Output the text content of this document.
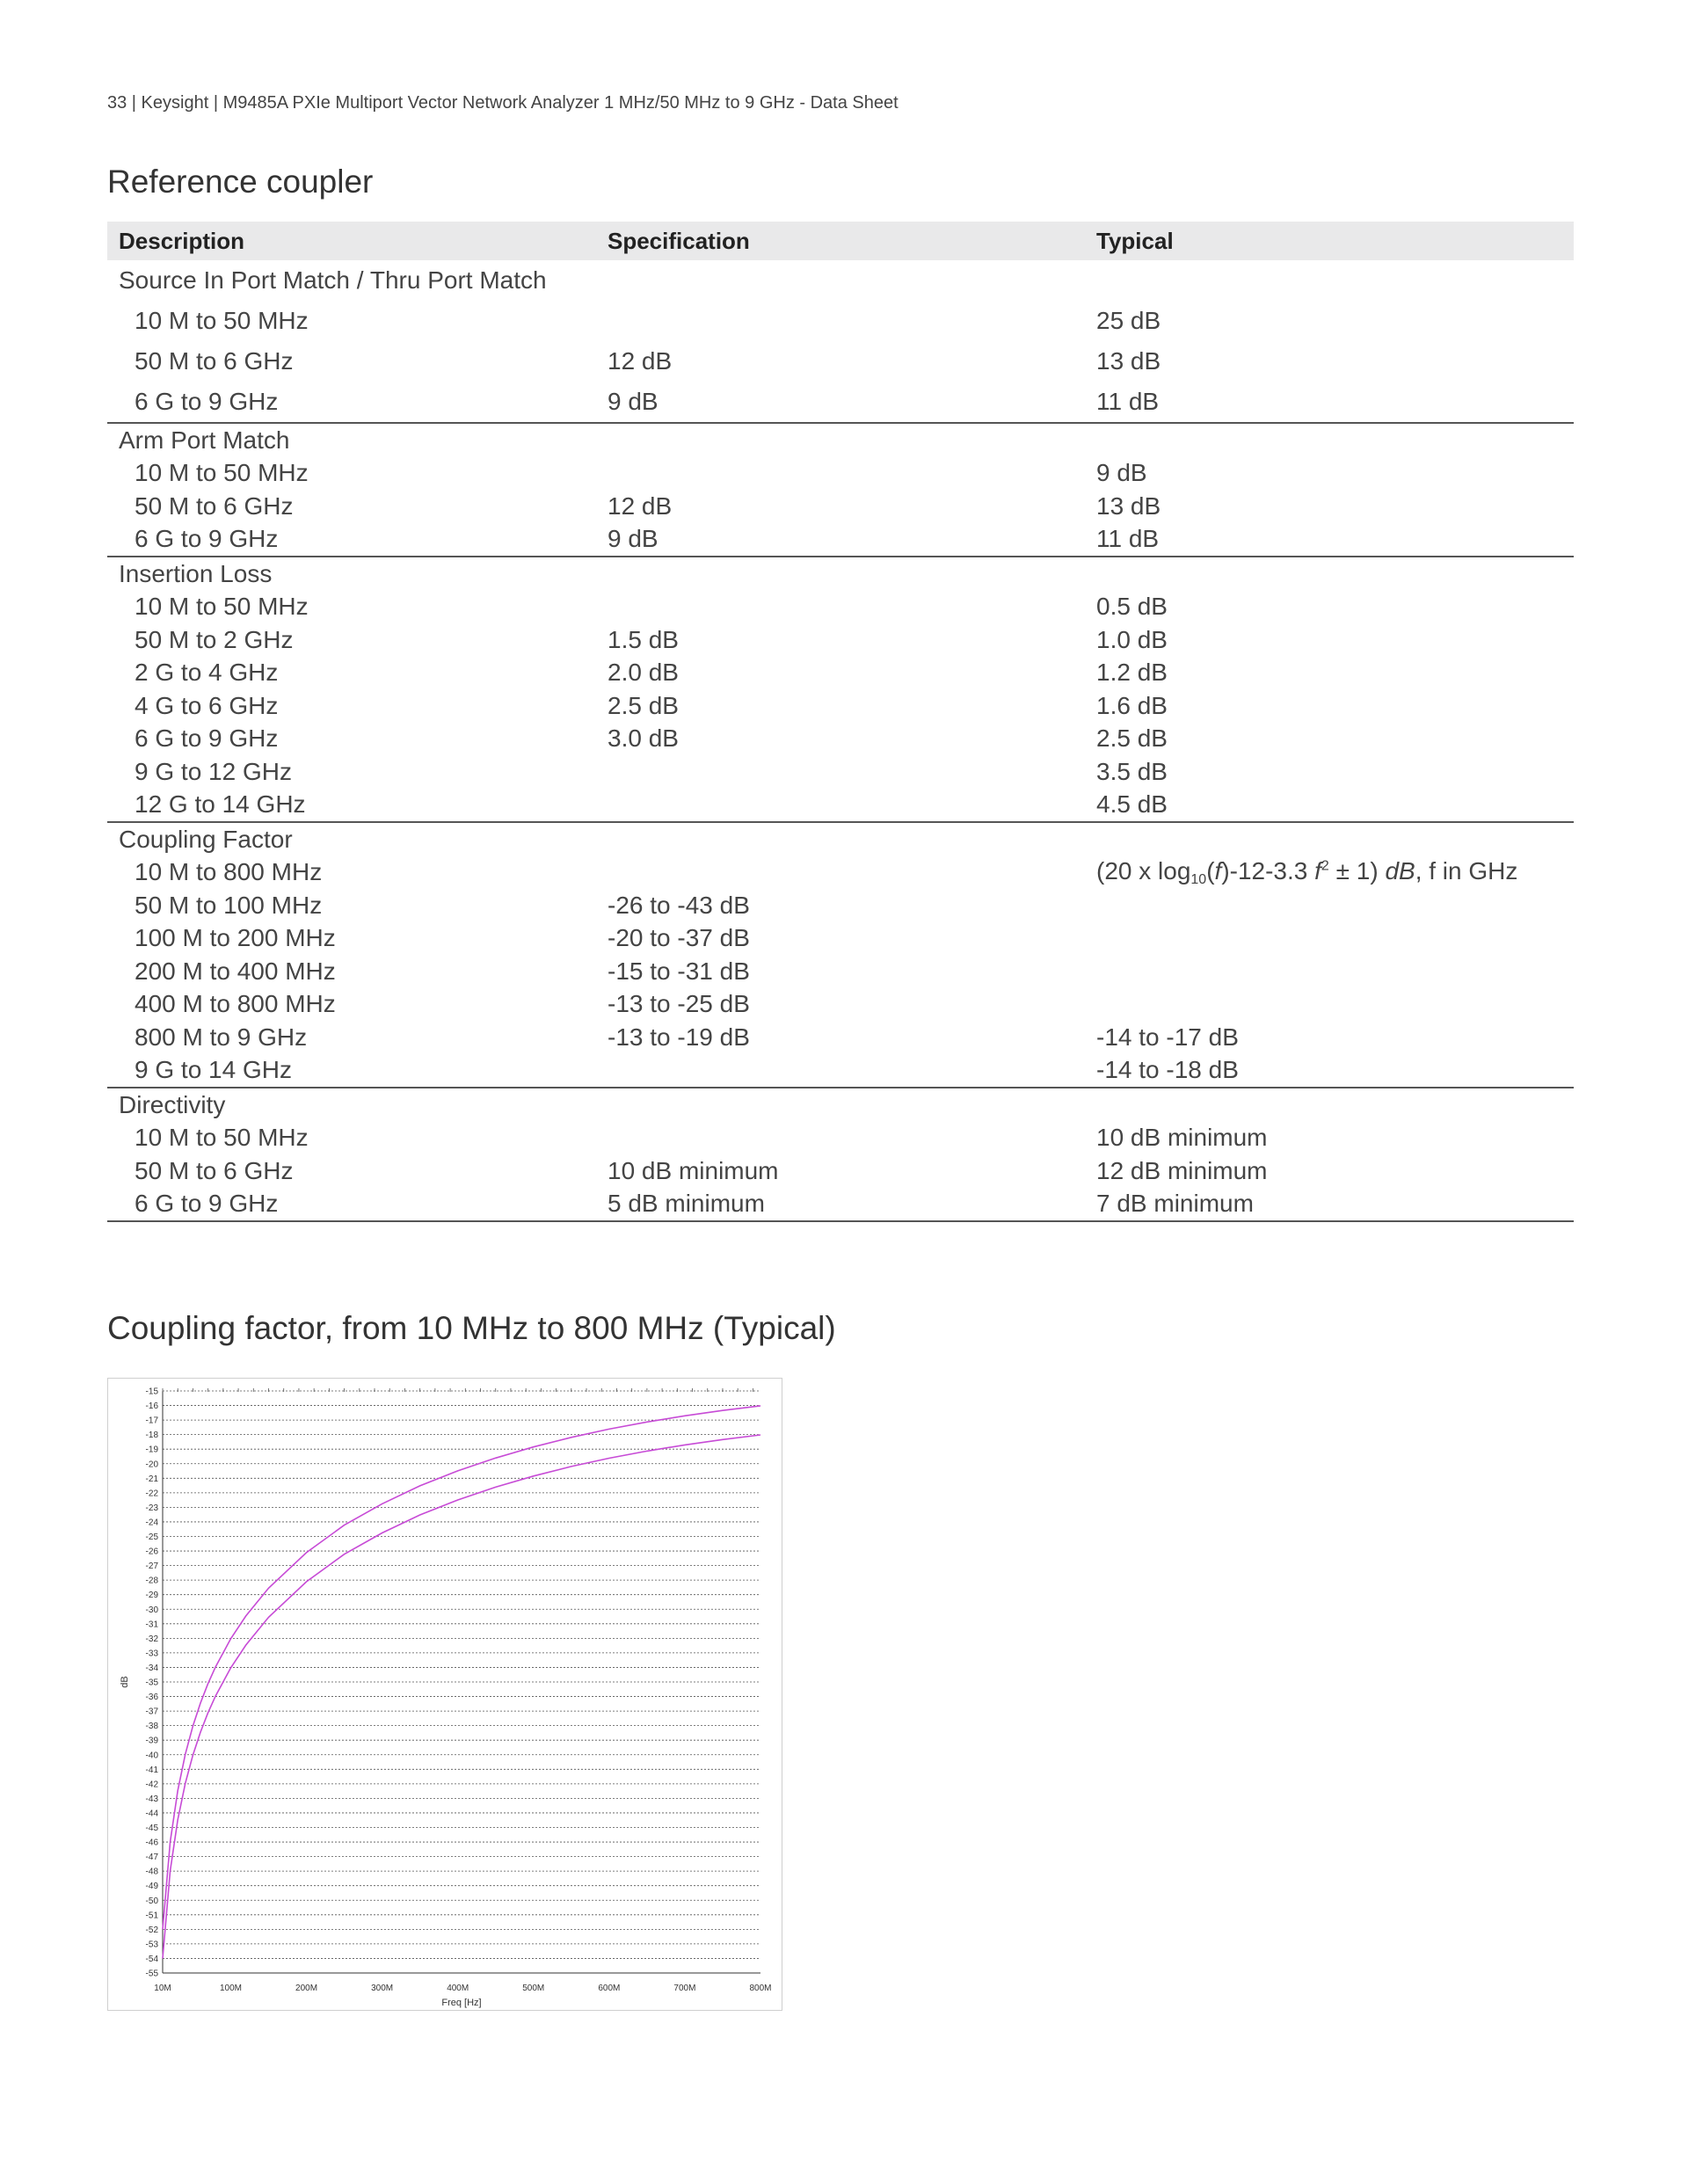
33 | Keysight | M9485A PXIe Multiport Vector Network Analyzer 1 MHz/50 MHz to 9 GHz - Data Sheet
Reference coupler
Description	Specification	Typical
Source In Port Match / Thru Port Match		
10 M to 50 MHz		25 dB
50 M to 6 GHz	12 dB	13 dB
6 G to 9 GHz	9 dB	11 dB
Arm Port Match		
10 M to 50 MHz		9 dB
50 M to 6 GHz	12 dB	13 dB
6 G to 9 GHz	9 dB	11 dB
Insertion Loss		
10 M to 50 MHz		0.5 dB
50 M to 2 GHz	1.5 dB	1.0 dB
2 G to 4 GHz	2.0 dB	1.2 dB
4 G to 6 GHz	2.5 dB	1.6 dB
6 G to 9 GHz	3.0 dB	2.5 dB
9 G to 12 GHz		3.5 dB
12 G to 14 GHz		4.5 dB
Coupling Factor		
10 M to 800 MHz		(20 x $\log_{10}(f)-12-3.3$ $f^2 \pm 1$) dB, f in GHz
50 M to 100 MHz	-26 to -43 dB	
100 M to 200 MHz	-20 to -37 dB	
200 M to 400 MHz	-15 to -31 dB	
400 M to 800 MHz	-13 to -25 dB	
800 M to 9 GHz	-13 to -19 dB	-14 to -17 dB
9 G to 14 GHz		-14 to -18 dB
Directivity		
10 M to 50 MHz		10 dB minimum
50 M to 6 GHz	10 dB minimum	12 dB minimum
6 G to 9 GHz	5 dB minimum	7 dB minimum
Coupling factor, from 10 MHz to 800 MHz (Typical)
-15
-16
-17
-18
-19
-20
-21
-22
-23
-24
-25
-26
-27
-28
-29
-30
-31
-32
-33
-34
-35
-36
-37
-38
-39
-40
-41
-42
-43
-44
-45
-46
-47
-48
-49
-50
-51
-52
-53
-54
-55
10M	100M	200M	300M	400M	500M	600M	700M	800M
Freq [Hz]
dB
